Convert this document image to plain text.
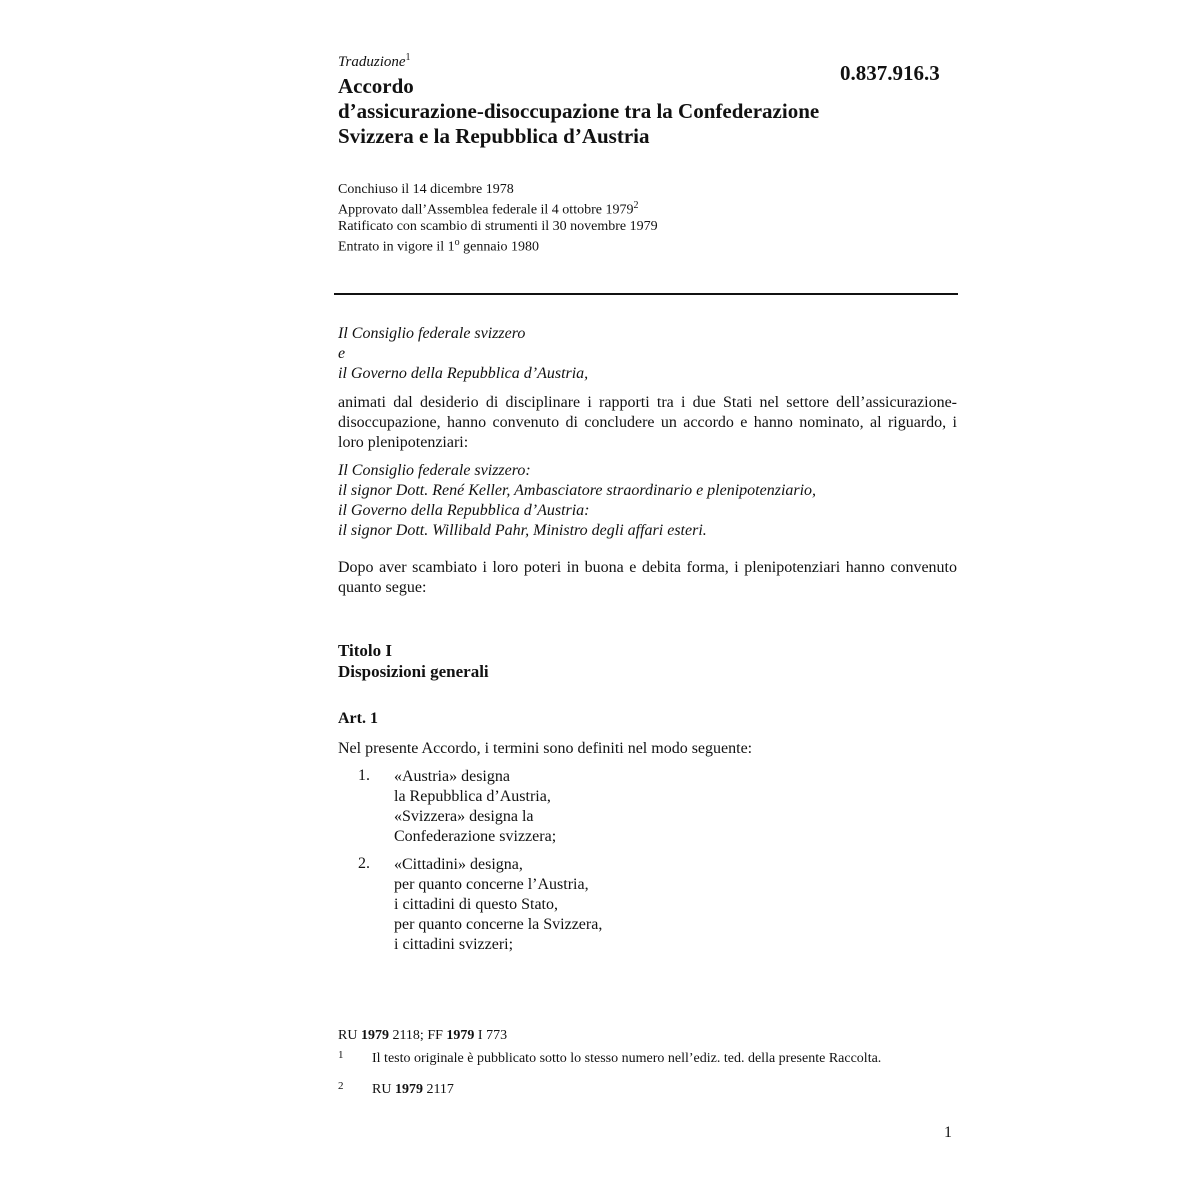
Traduzione$^1$
0.837.916.3
Accordo
d’assicurazione-disoccupazione tra la Confederazione
Svizzera e la Repubblica d’Austria
Conchiuso il 14 dicembre 1978
Approvato dall’Assemblea federale il 4 ottobre 1979$^2$
Ratificato con scambio di strumenti il 30 novembre 1979
Entrato in vigore il 1$^o$ gennaio 1980
Il Consiglio federale svizzero
e
il Governo della Repubblica d’Austria,
animati dal desiderio di disciplinare i rapporti tra i due Stati nel settore dell’assicurazione-disoccupazione, hanno convenuto di concludere un accordo e hanno nominato, al riguardo, i loro plenipotenziari:
Il Consiglio federale svizzero:
il signor Dott. René Keller, Ambasciatore straordinario e plenipotenziario,
il Governo della Repubblica d’Austria:
il signor Dott. Willibald Pahr, Ministro degli affari esteri.
Dopo aver scambiato i loro poteri in buona e debita forma, i plenipotenziari hanno convenuto quanto segue:
Titolo I
Disposizioni generali
Art. 1
Nel presente Accordo, i termini sono definiti nel modo seguente:
1. «Austria» designa
la Repubblica d’Austria,
«Svizzera» designa la
Confederazione svizzera;
2. «Cittadini» designa,
per quanto concerne l’Austria,
i cittadini di questo Stato,
per quanto concerne la Svizzera,
i cittadini svizzeri;
RU 1979 2118; FF 1979 I 773
1 Il testo originale è pubblicato sotto lo stesso numero nell’ediz. ted. della presente Raccolta.
2 RU 1979 2117
1
